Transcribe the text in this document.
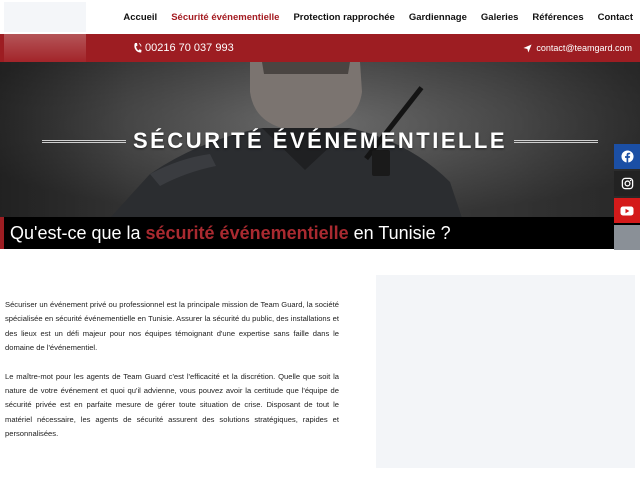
Accueil	Sécurité événementielle	Protection rapprochée	Gardiennage	Galeries	Références	Contact
00216 70 037 993	contact@teamgard.com
SÉCURITÉ ÉVÉNEMENTIELLE
Qu'est-ce que la sécurité événementielle en Tunisie ?

Sécuriser un événement privé ou professionnel est la principale mission de Team Guard, la société spécialisée en sécurité événementielle en Tunisie. Assurer la sécurité du public, des installations et des lieux est un défi majeur pour nos équipes témoignant d'une expertise sans faille dans le domaine de l'événementiel.

Le maître-mot pour les agents de Team Guard c'est l'efficacité et la discrétion. Quelle que soit la nature de votre événement et quoi qu'il advienne, vous pouvez avoir la certitude que l'équipe de sécurité privée est en parfaite mesure de gérer toute situation de crise. Disposant de tout le matériel nécessaire, les agents de sécurité assurent des solutions stratégiques, rapides et personnalisées.
